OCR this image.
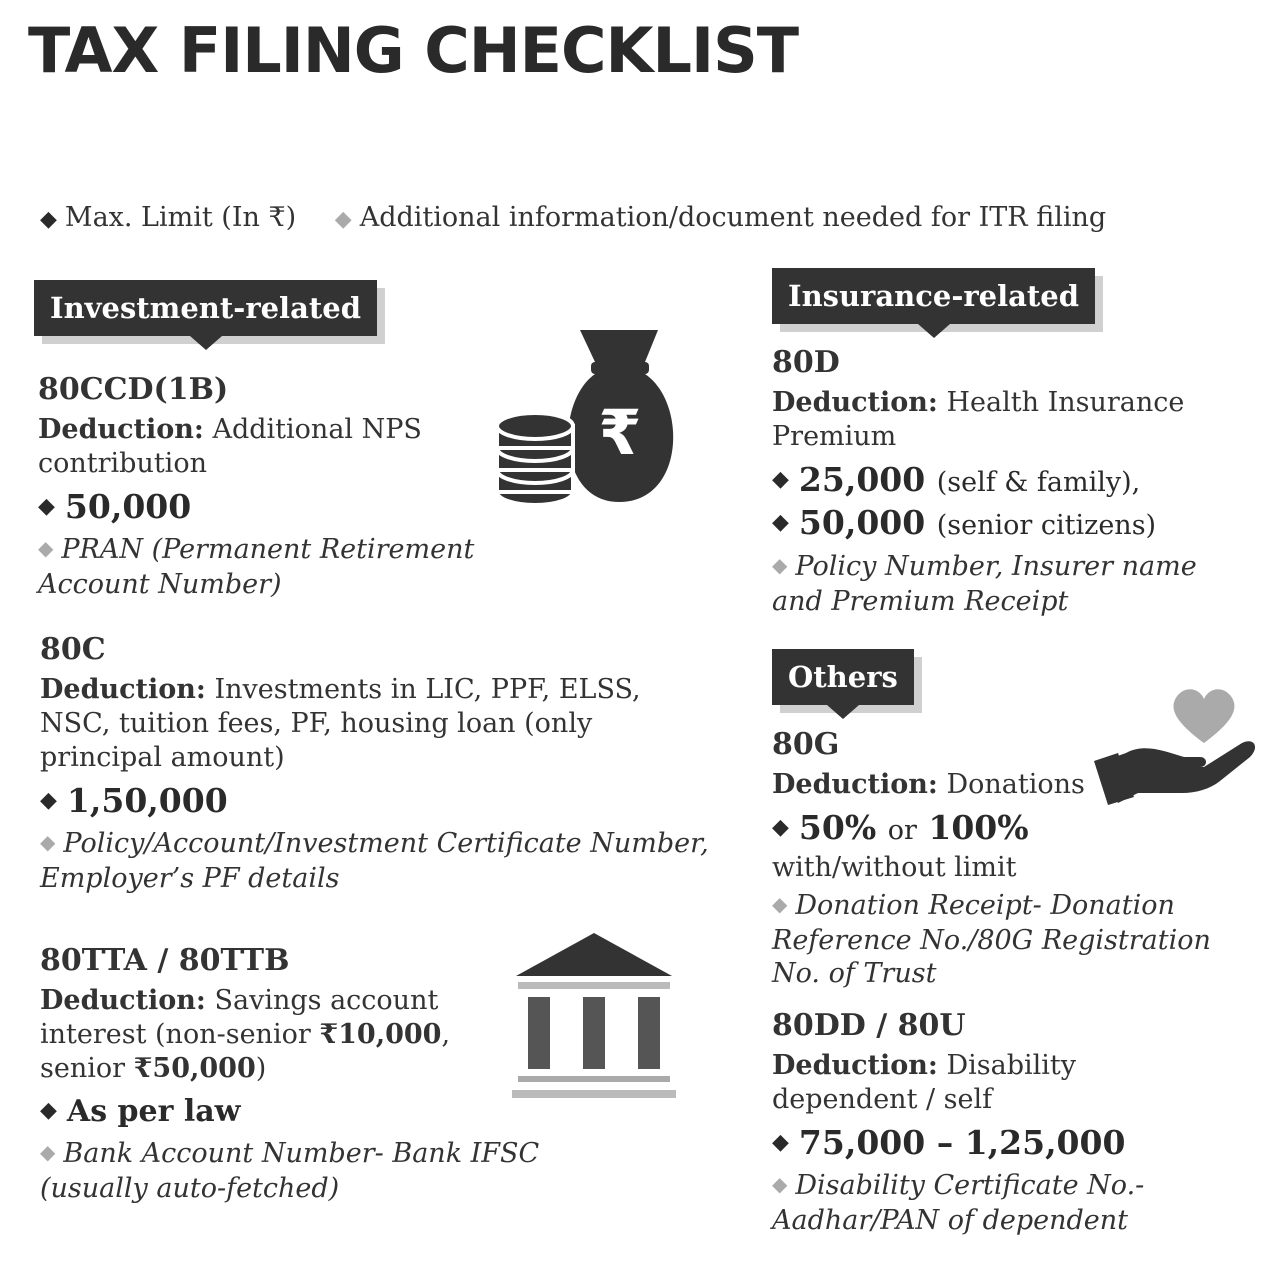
TAX FILING CHECKLIST
◆ Max. Limit (In ₹) ◆ Additional information/document needed for ITR filing
Investment-related	Insurance-related
Others
80CCD(1B)

Deduction: Additional NPS contribution

◆ 50,000

◆ PRAN (Permanent Retirement Account Number)

80C

Deduction: Investments in LIC, PPF, ELSS, NSC, tuition fees, PF, housing loan (only principal amount)

◆ 1,50,000

◆ Policy/Account/Investment Certificate Number, Employer’s PF details

80TTA / 80TTB

Deduction: Savings account interest (non-senior ₹10,000, senior ₹50,000)

◆ As per law

◆ Bank Account Number- Bank IFSC (usually auto-fetched)

80D

Deduction: Health Insurance Premium

◆ 25,000 (self & family),
◆ 50,000 (senior citizens)

◆ Policy Number, Insurer name and Premium Receipt

80G

Deduction: Donations

◆ 50% or 100%

with/without limit

◆ Donation Receipt- Donation Reference No./80G Registration No. of Trust

80DD / 80U

Deduction: Disability dependent / self

◆ 75,000 – 1,25,000

◆ Disability Certificate No.- Aadhar/PAN of dependent

₹
